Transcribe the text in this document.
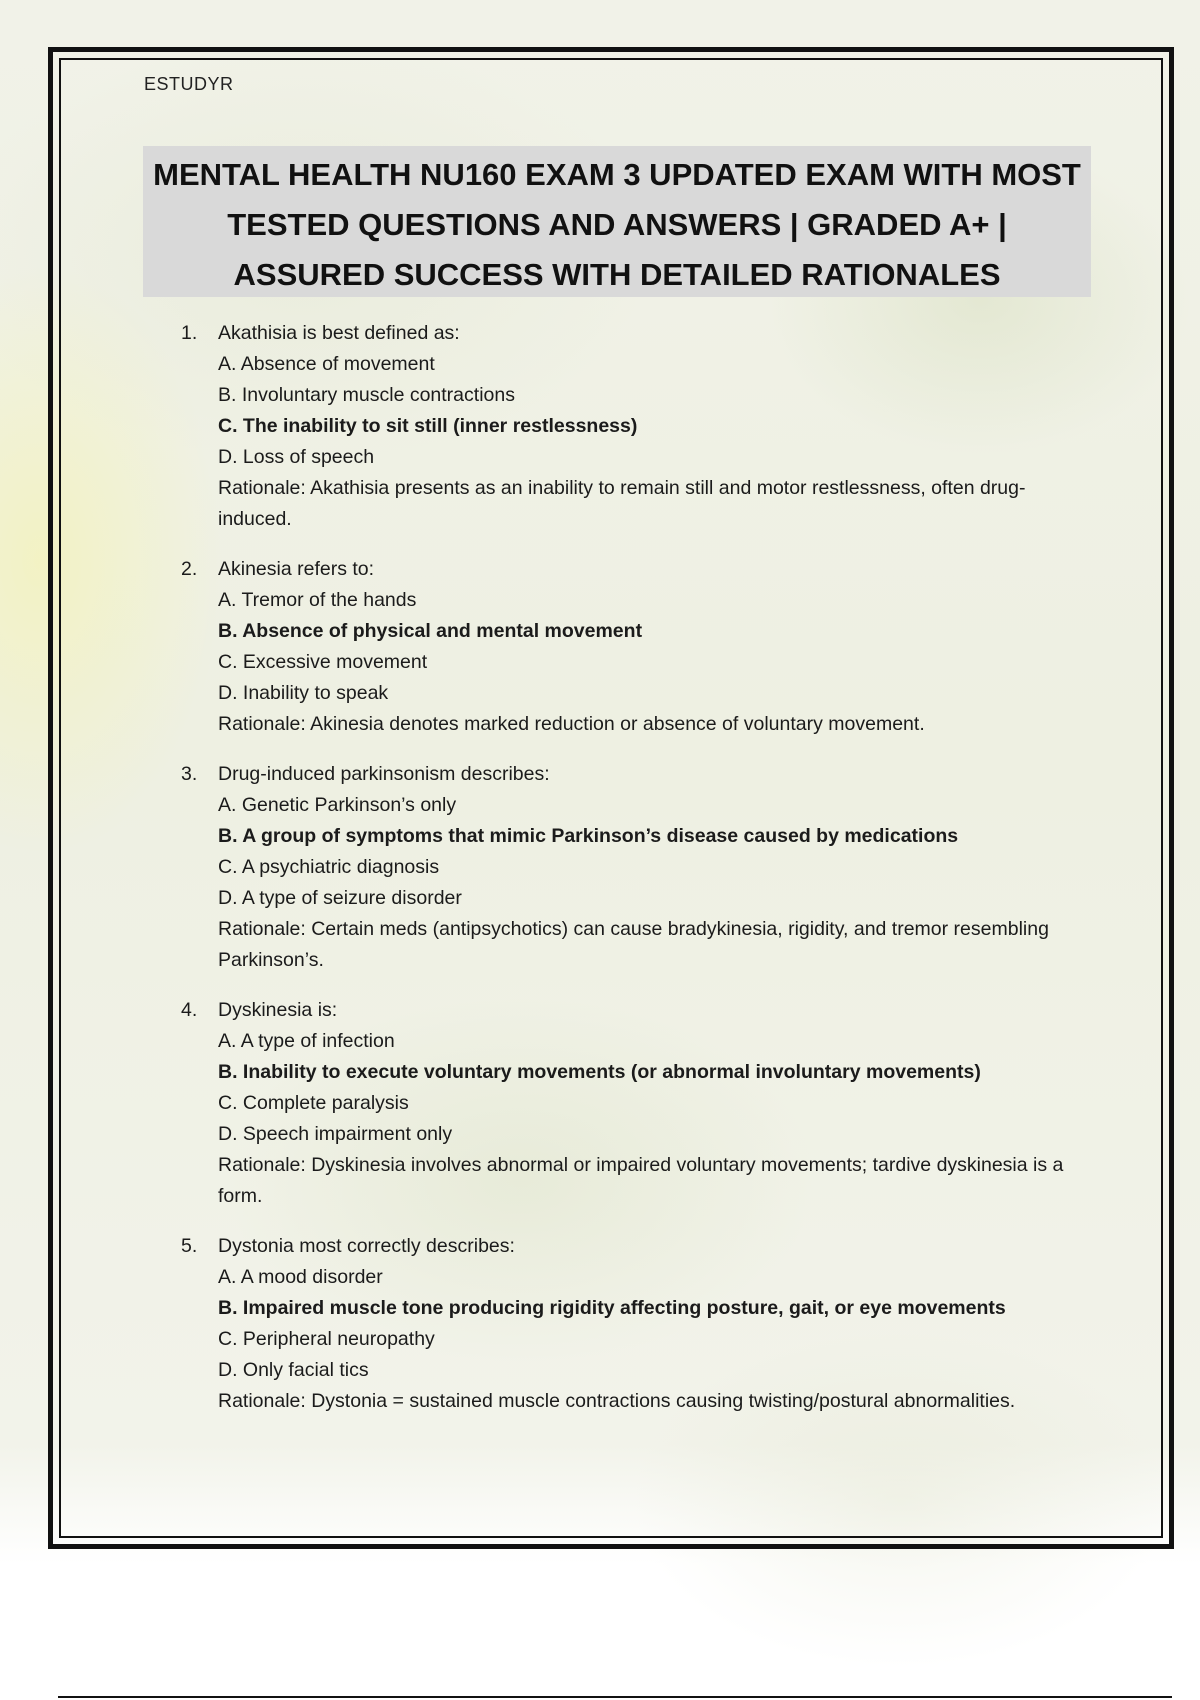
ESTUDYR
MENTAL HEALTH NU160 EXAM 3 UPDATED EXAM WITH MOST TESTED QUESTIONS AND ANSWERS | GRADED A+ | ASSURED SUCCESS WITH DETAILED RATIONALES
1. Akathisia is best defined as:
A. Absence of movement
B. Involuntary muscle contractions
C. The inability to sit still (inner restlessness)
D. Loss of speech
Rationale: Akathisia presents as an inability to remain still and motor restlessness, often drug-induced.
2. Akinesia refers to:
A. Tremor of the hands
B. Absence of physical and mental movement
C. Excessive movement
D. Inability to speak
Rationale: Akinesia denotes marked reduction or absence of voluntary movement.
3. Drug-induced parkinsonism describes:
A. Genetic Parkinson’s only
B. A group of symptoms that mimic Parkinson’s disease caused by medications
C. A psychiatric diagnosis
D. A type of seizure disorder
Rationale: Certain meds (antipsychotics) can cause bradykinesia, rigidity, and tremor resembling Parkinson’s.
4. Dyskinesia is:
A. A type of infection
B. Inability to execute voluntary movements (or abnormal involuntary movements)
C. Complete paralysis
D. Speech impairment only
Rationale: Dyskinesia involves abnormal or impaired voluntary movements; tardive dyskinesia is a form.
5. Dystonia most correctly describes:
A. A mood disorder
B. Impaired muscle tone producing rigidity affecting posture, gait, or eye movements
C. Peripheral neuropathy
D. Only facial tics
Rationale: Dystonia = sustained muscle contractions causing twisting/postural abnormalities.
